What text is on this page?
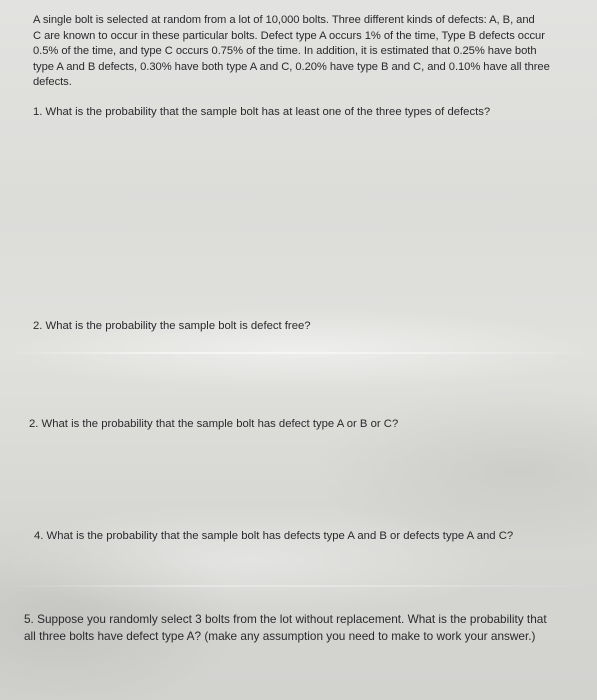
A single bolt is selected at random from a lot of 10,000 bolts. Three different kinds of defects: A, B, and
C are known to occur in these particular bolts. Defect type A occurs 1% of the time, Type B defects occur
0.5% of the time, and type C occurs 0.75% of the time. In addition, it is estimated that 0.25% have both
type A and B defects, 0.30% have both type A and C, 0.20% have type B and C, and 0.10% have all three
defects.

1. What is the probability that the sample bolt has at least one of the three types of defects?

2. What is the probability the sample bolt is defect free?

2. What is the probability that the sample bolt has defect type A or B or C?

4. What is the probability that the sample bolt has defects type A and B or defects type A and C?

5. Suppose you randomly select 3 bolts from the lot without replacement. What is the probability that
all three bolts have defect type A? (make any assumption you need to make to work your answer.)
